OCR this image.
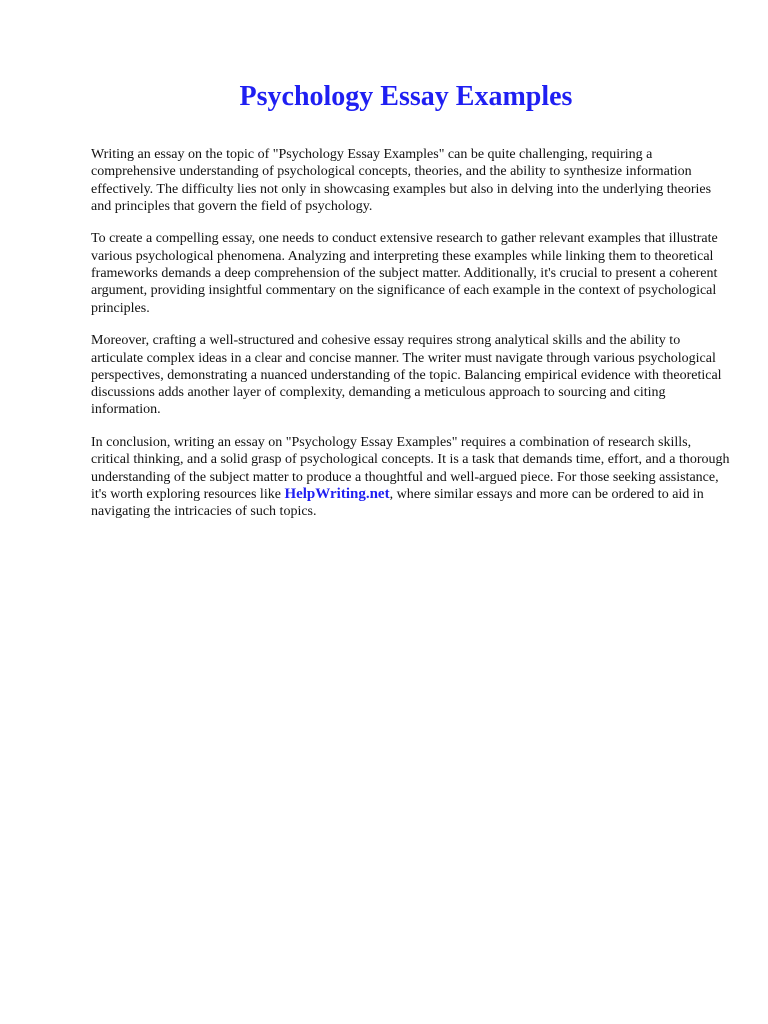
Psychology Essay Examples

Writing an essay on the topic of "Psychology Essay Examples" can be quite challenging, requiring a comprehensive understanding of psychological concepts, theories, and the ability to synthesize information effectively. The difficulty lies not only in showcasing examples but also in delving into the underlying theories and principles that govern the field of psychology.

To create a compelling essay, one needs to conduct extensive research to gather relevant examples that illustrate various psychological phenomena. Analyzing and interpreting these examples while linking them to theoretical frameworks demands a deep comprehension of the subject matter. Additionally, it's crucial to present a coherent argument, providing insightful commentary on the significance of each example in the context of psychological principles.

Moreover, crafting a well-structured and cohesive essay requires strong analytical skills and the ability to articulate complex ideas in a clear and concise manner. The writer must navigate through various psychological perspectives, demonstrating a nuanced understanding of the topic. Balancing empirical evidence with theoretical discussions adds another layer of complexity, demanding a meticulous approach to sourcing and citing information.

In conclusion, writing an essay on "Psychology Essay Examples" requires a combination of research skills, critical thinking, and a solid grasp of psychological concepts. It is a task that demands time, effort, and a thorough understanding of the subject matter to produce a thoughtful and well-argued piece. For those seeking assistance, it's worth exploring resources like HelpWriting.net, where similar essays and more can be ordered to aid in navigating the intricacies of such topics.
